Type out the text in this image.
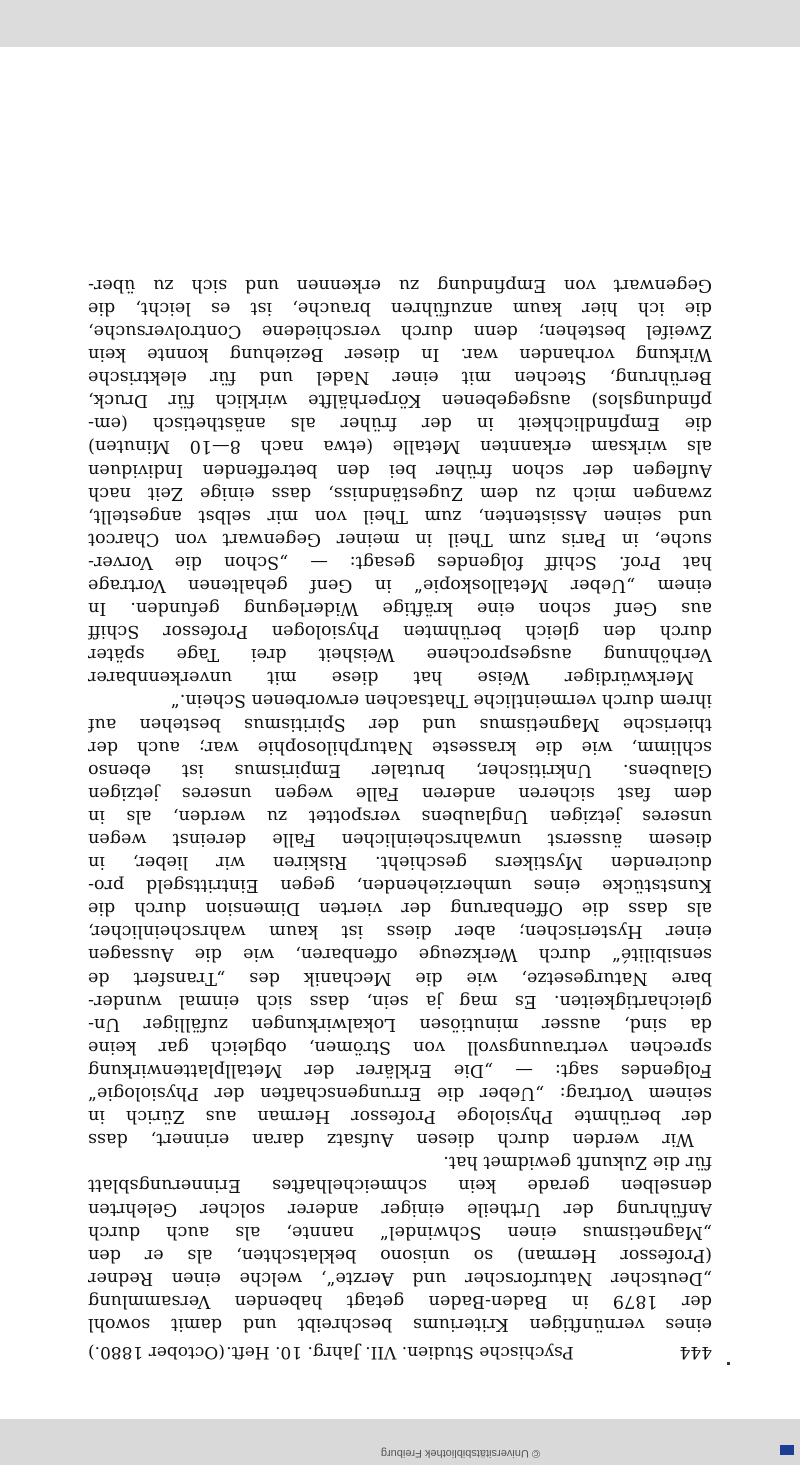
© Universitätsbibliothek Freiburg
444
Psychische Studien. VII. Jahrg. 10. Heft.
(October 1880.)
eines vernünftigen Kriteriums beschreibt und damit sowohl
der 1879 in Baden-Baden getagt habenden Versammlung
„Deutscher Naturforscher und Aerzte“, welche einen Redner
(Professor Herman) so unisono beklatschten, als er den
„Magnetismus einen Schwindel“ nannte, als auch durch
Anführung der Urtheile einiger anderer solcher Gelehrten
denselben gerade kein schmeichelhaftes Erinnerungsblatt
für die Zukunft gewidmet hat.
Wir werden durch diesen Aufsatz daran erinnert, dass
der berühmte Physiologe Professor Herman aus Zürich in
seinem Vortrag: „Ueber die Errungenschaften der Physiologie“
Folgendes sagt: — „Die Erklärer der Metallplattenwirkung
sprechen vertrauungsvoll von Strömen, obgleich gar keine
da sind, ausser minutiösen Lokalwirkungen zufälliger Un-
gleichartigkeiten. Es mag ja sein, dass sich einmal wunder-
bare Naturgesetze, wie die Mechanik des „Transfert de
sensibilité“ durch Werkzeuge offenbaren, wie die Aussagen
einer Hysterischen; aber diess ist kaum wahrscheinlicher,
als dass die Offenbarung der vierten Dimension durch die
Kunststücke eines umherziehenden, gegen Eintrittsgeld pro-
ducirenden Mystikers geschieht. Riskiren wir lieber, in
diesem äusserst unwahrscheinlichen Falle dereinst wegen
unseres jetzigen Unglaubens verspottet zu werden, als in
dem fast sicheren anderen Falle wegen unseres jetzigen
Glaubens. Unkritischer, brutaler Empirismus ist ebenso
schlimm, wie die krasseste Naturphilosophie war; auch der
thierische Magnetismus und der Spiritismus bestehen auf
ihrem durch vermeintliche Thatsachen erworbenen Schein.“
Merkwürdiger Weise hat diese mit unverkennbarer
Verhöhnung ausgesprochene Weisheit drei Tage später
durch den gleich berühmten Physiologen Professor Schiff
aus Genf schon eine kräftige Widerlegung gefunden. In
einem „Ueber Metalloskopie“ in Genf gehaltenen Vortrage
hat Prof. Schiff folgendes gesagt: — „Schon die Vorver-
suche, in Paris zum Theil in meiner Gegenwart von Charcot
und seinen Assistenten, zum Theil von mir selbst angestellt,
zwangen mich zu dem Zugeständniss, dass einige Zeit nach
Auflegen der schon früher bei den betreffenden Individuen
als wirksam erkannten Metalle (etwa nach 8—10 Minuten)
die Empfindlichkeit in der früher als anästhetisch (em-
pfindungslos) ausgegebenen Körperhälfte wirklich für Druck,
Berührung, Stechen mit einer Nadel und für elektrische
Wirkung vorhanden war. In dieser Beziehung konnte kein
Zweifel bestehen; denn durch verschiedene Controlversuche,
die ich hier kaum anzuführen brauche, ist es leicht, die
Gegenwart von Empfindung zu erkennen und sich zu über-
